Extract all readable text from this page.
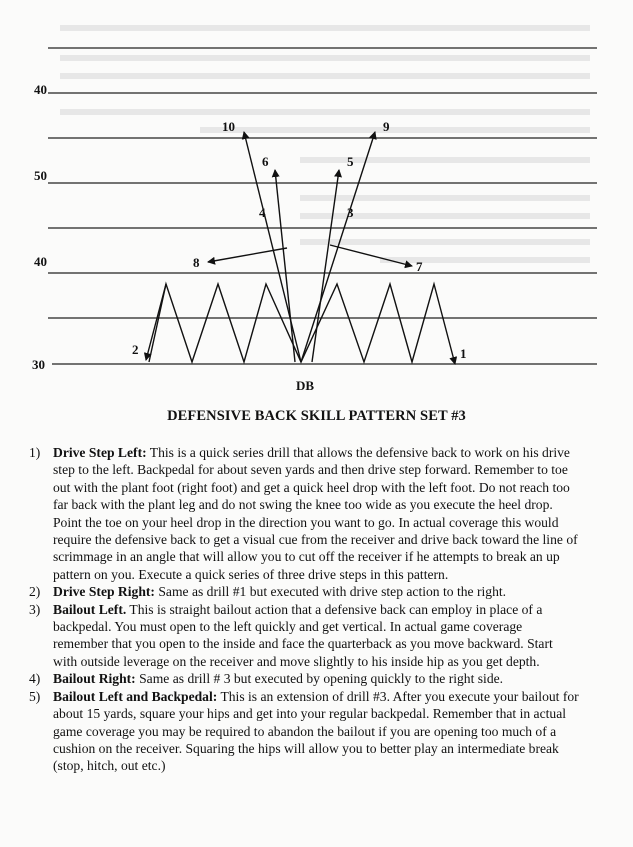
40
50
40
30
1
2
3
4
5
6
7
8
9
10
DB
DEFENSIVE BACK SKILL PATTERN SET #3
1) Drive Step Left: This is a quick series drill that allows the defensive back to work on his drive step to the left. Backpedal for about seven yards and then drive step forward. Remember to toe out with the plant foot (right foot) and get a quick heel drop with the left foot. Do not reach too far back with the plant leg and do not swing the knee too wide as you execute the heel drop. Point the toe on your heel drop in the direction you want to go. In actual coverage this would require the defensive back to get a visual cue from the receiver and drive back toward the line of scrimmage in an angle that will allow you to cut off the receiver if he attempts to break an up pattern on you. Execute a quick series of three drive steps in this pattern.
2) Drive Step Right: Same as drill #1 but executed with drive step action to the right.
3) Bailout Left. This is straight bailout action that a defensive back can employ in place of a backpedal. You must open to the left quickly and get vertical. In actual game coverage remember that you open to the inside and face the quarterback as you move backward. Start with outside leverage on the receiver and move slightly to his inside hip as you get depth.
4) Bailout Right: Same as drill # 3 but executed by opening quickly to the right side.
5) Bailout Left and Backpedal: This is an extension of drill #3. After you execute your bailout for about 15 yards, square your hips and get into your regular backpedal. Remember that in actual game coverage you may be required to abandon the bailout if you are opening too much of a cushion on the receiver. Squaring the hips will allow you to better play an intermediate break (stop, hitch, out etc.)
